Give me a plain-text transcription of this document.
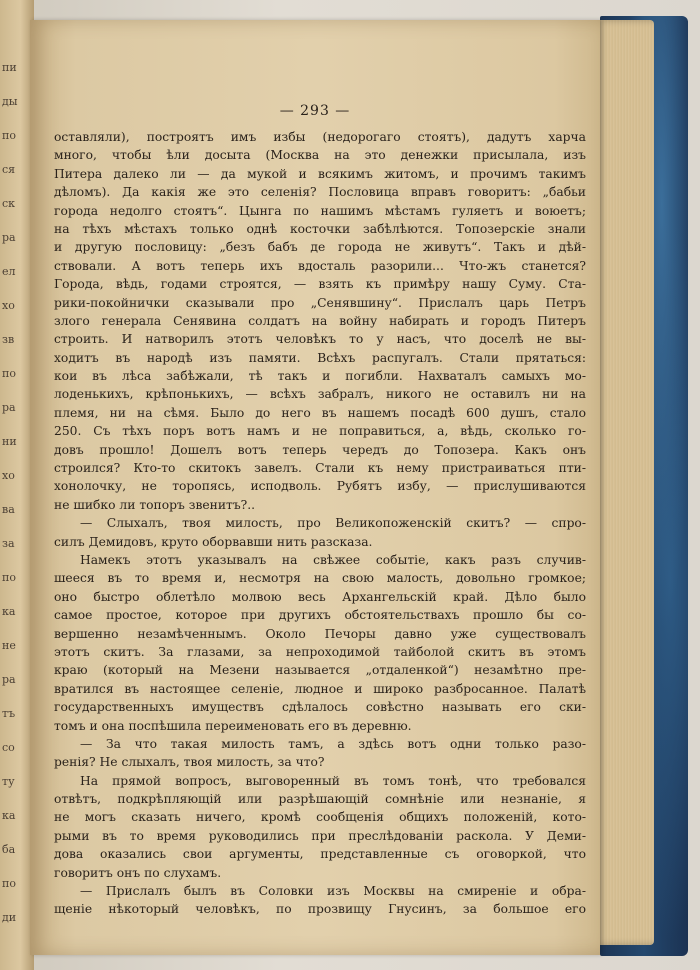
пи
ды
по
ся
ск
ра
ел
хо
зв
по
ра
ни
хо
ва
за
по
ка
не
ра
тъ
со
ту
ка
ба
по
ди
— 293 —
оставляли), построятъ имъ избы (недорогаго стоятъ), дадутъ харча
много, чтобы ѣли досыта (Москва на это денежки присылала, изъ
Питера далеко ли — да мукой и всякимъ житомъ, и прочимъ такимъ
дѣломъ). Да какія же это селенія? Пословица вправъ говоритъ: „бабьи
города недолго стоятъ“. Цынга по нашимъ мѣстамъ гуляетъ и воюетъ;
на тѣхъ мѣстахъ только однѣ косточки забѣлѣются. Топозерскіе знали
и другую пословицу: „безъ бабъ де города не живутъ“. Такъ и дѣй-
ствовали. А вотъ теперь ихъ вдосталь разорили... Что-жъ станется?
Города, вѣдь, годами строятся, — взять къ примѣру нашу Суму. Ста-
рики-покойнички сказывали про „Сенявшину“. Прислалъ царь Петръ
злого генерала Сенявина солдатъ на войну набирать и городъ Питеръ
строить. И натворилъ этотъ человѣкъ то у насъ, что доселѣ не вы-
ходитъ въ народѣ изъ памяти. Всѣхъ распугалъ. Стали прятаться:
кои въ лѣса забѣжали, тѣ такъ и погибли. Нахваталъ самыхъ мо-
лоденькихъ, крѣпонькихъ, — всѣхъ забралъ, никого не оставилъ ни на
племя, ни на сѣмя. Было до него въ нашемъ посадѣ 600 душъ, стало
250. Съ тѣхъ поръ вотъ намъ и не поправиться, а, вѣдь, сколько го-
довъ прошло! Дошелъ вотъ теперь чередъ до Топозера. Какъ онъ
строился? Кто-то скитокъ завелъ. Стали къ нему пристраиваться пти-
хонолочку, не торопясь, исподволь. Рубятъ избу, — прислушиваются
не шибко ли топоръ звенитъ?..
— Слыхалъ, твоя милость, про Великопоженскій скитъ? — спро-
силъ Демидовъ, круто оборвавши нить разсказа.
Намекъ этотъ указывалъ на свѣжее событіе, какъ разъ случив-
шееся въ то время и, несмотря на свою малость, довольно громкое;
оно быстро облетѣло молвою весь Архангельскій край. Дѣло было
самое простое, которое при другихъ обстоятельствахъ прошло бы со-
вершенно незамѣченнымъ. Около Печоры давно уже существовалъ
этотъ скитъ. За глазами, за непроходимой тайболой скитъ въ этомъ
краю (который на Мезени называется „отдаленкой“) незамѣтно пре-
вратился въ настоящее селеніе, людное и широко разбросанное. Палатѣ
государственныхъ имуществъ сдѣлалось совѣстно называть его ски-
томъ и она поспѣшила переименовать его въ деревню.
— За что такая милость тамъ, а здѣсь вотъ одни только разо-
ренія? Не слыхалъ, твоя милость, за что?
На прямой вопросъ, выговоренный въ томъ тонѣ, что требовался
отвѣтъ, подкрѣпляющій или разрѣшающій сомнѣніе или незнаніе, я
не могъ сказать ничего, кромѣ сообщенія общихъ положеній, кото-
рыми въ то время руководились при преслѣдованіи раскола. У Деми-
дова оказались свои аргументы, представленные съ оговоркой, что
говоритъ онъ по слухамъ.
— Прислалъ былъ въ Соловки изъ Москвы на смиреніе и обра-
щеніе нѣкоторый человѣкъ, по прозвищу Гнусинъ, за большое его
